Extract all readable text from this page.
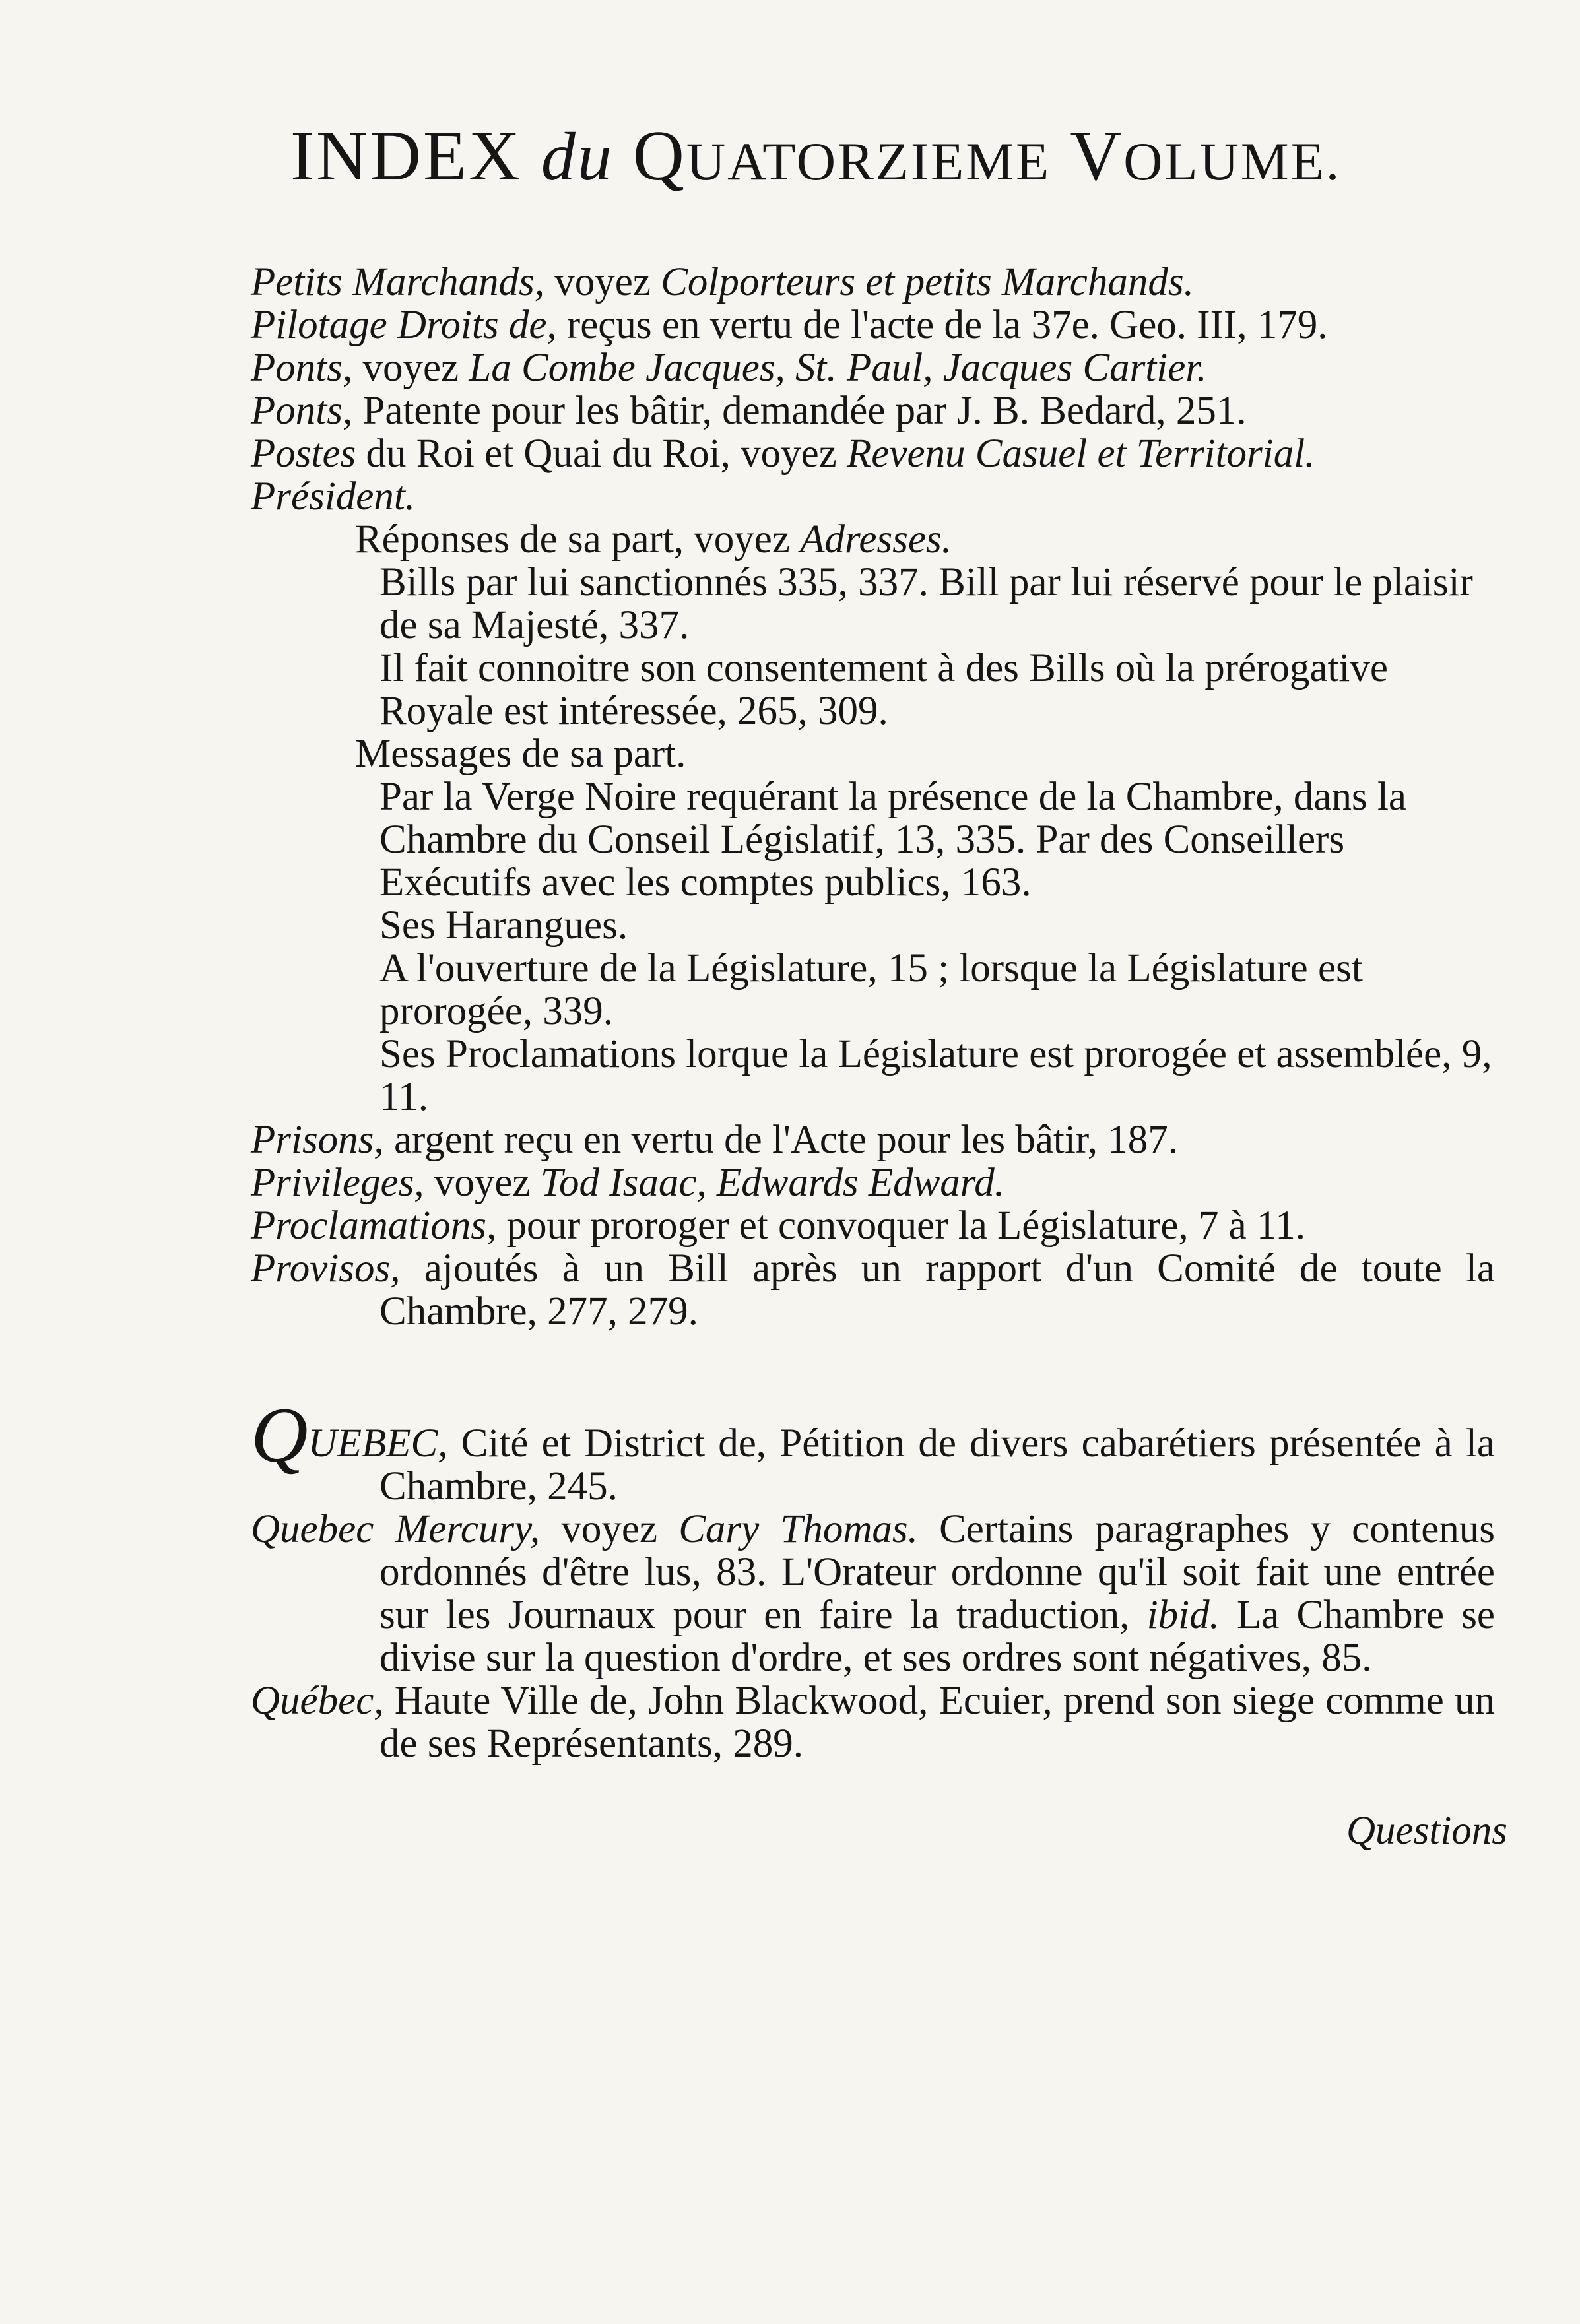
INDEX du QUATORZIEME VOLUME.

Petits Marchands, voyez Colporteurs et petits Marchands.

Pilotage Droits de, reçus en vertu de l'acte de la 37e. Geo. III, 179.

Ponts, voyez La Combe Jacques, St. Paul, Jacques Cartier.

Ponts, Patente pour les bâtir, demandée par J. B. Bedard, 251.

Postes du Roi et Quai du Roi, voyez Revenu Casuel et Territorial.

Président.

Réponses de sa part, voyez Adresses.

Bills par lui sanctionnés 335, 337. Bill par lui réservé pour le plaisir de sa Majesté, 337.

Il fait connoitre son consentement à des Bills où la prérogative Royale est intéressée, 265, 309.

Messages de sa part.

Par la Verge Noire requérant la présence de la Chambre, dans la Chambre du Conseil Législatif, 13, 335. Par des Conseillers Exécutifs avec les comptes publics, 163.

Ses Harangues.

A l'ouverture de la Législature, 15 ; lorsque la Législature est prorogée, 339.

Ses Proclamations lorque la Législature est prorogée et assemblée, 9, 11.

Prisons, argent reçu en vertu de l'Acte pour les bâtir, 187.

Privileges, voyez Tod Isaac, Edwards Edward.

Proclamations, pour proroger et convoquer la Législature, 7 à 11.

Provisos, ajoutés à un Bill après un rapport d'un Comité de toute la Chambre, 277, 279.

QUEBEC, Cité et District de, Pétition de divers cabarétiers présentée à la Chambre, 245.

Quebec Mercury, voyez Cary Thomas. Certains paragraphes y contenus ordonnés d'être lus, 83. L'Orateur ordonne qu'il soit fait une entrée sur les Journaux pour en faire la traduction, ibid. La Chambre se divise sur la question d'ordre, et ses ordres sont négatives, 85.

Québec, Haute Ville de, John Blackwood, Ecuier, prend son siege comme un de ses Représentants, 289.

Questions
